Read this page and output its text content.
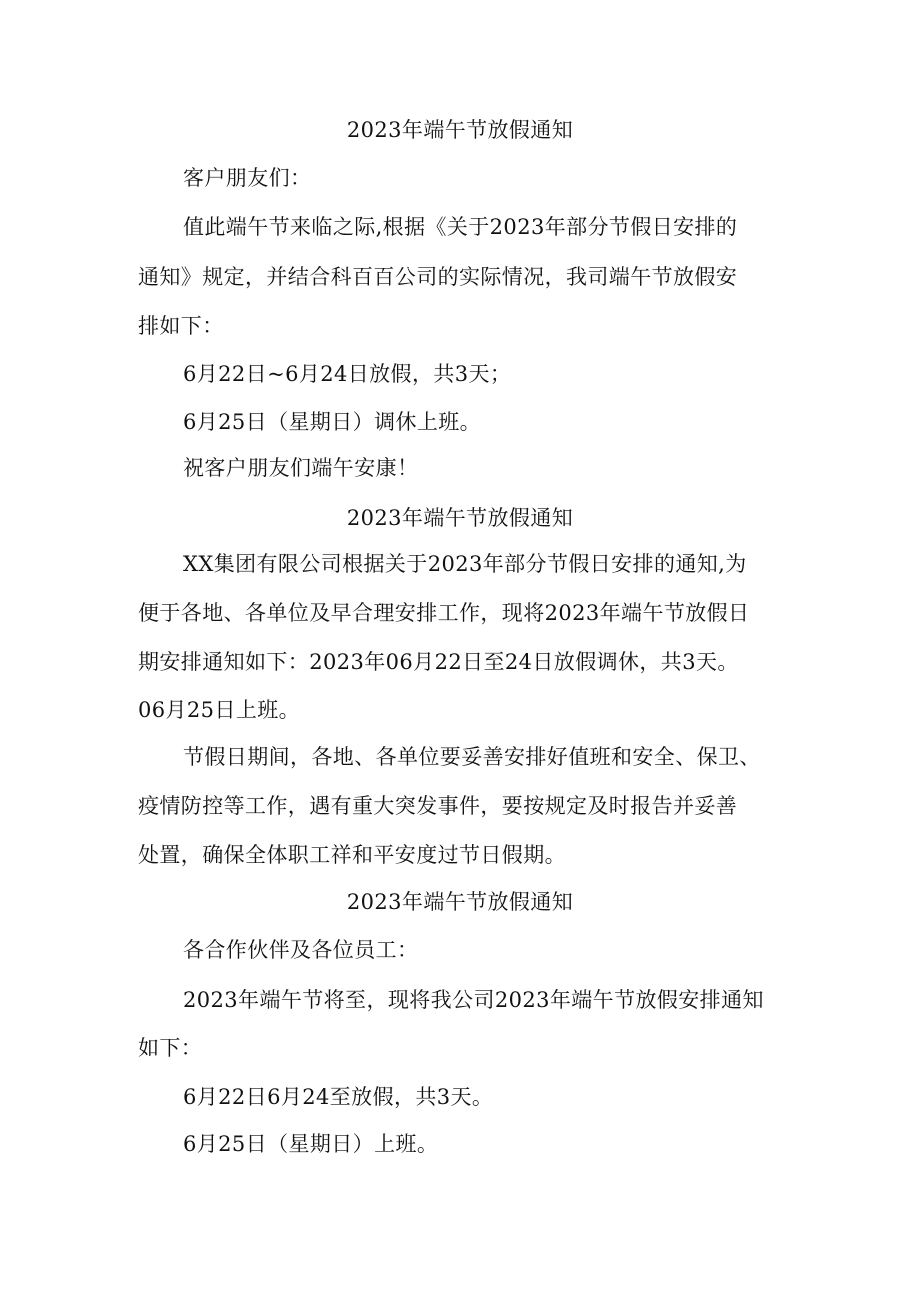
2023年端午节放假通知
客户朋友们：
值此端午节来临之际,根据《关于2023年部分节假日安排的
通知》规定，并结合科百百公司的实际情况，我司端午节放假安
排如下：
6月22日~6月24日放假，共3天；
6月25日（星期日）调休上班。
祝客户朋友们端午安康！
2023年端午节放假通知
XX集团有限公司根据关于2023年部分节假日安排的通知,为
便于各地、各单位及早合理安排工作，现将2023年端午节放假日
期安排通知如下：2023年06月22日至24日放假调休，共3天。
06月25日上班。
节假日期间，各地、各单位要妥善安排好值班和安全、保卫、
疫情防控等工作，遇有重大突发事件，要按规定及时报告并妥善
处置，确保全体职工祥和平安度过节日假期。
2023年端午节放假通知
各合作伙伴及各位员工：
2023年端午节将至，现将我公司2023年端午节放假安排通知
如下：
6月22日6月24至放假，共3天。
6月25日（星期日）上班。
